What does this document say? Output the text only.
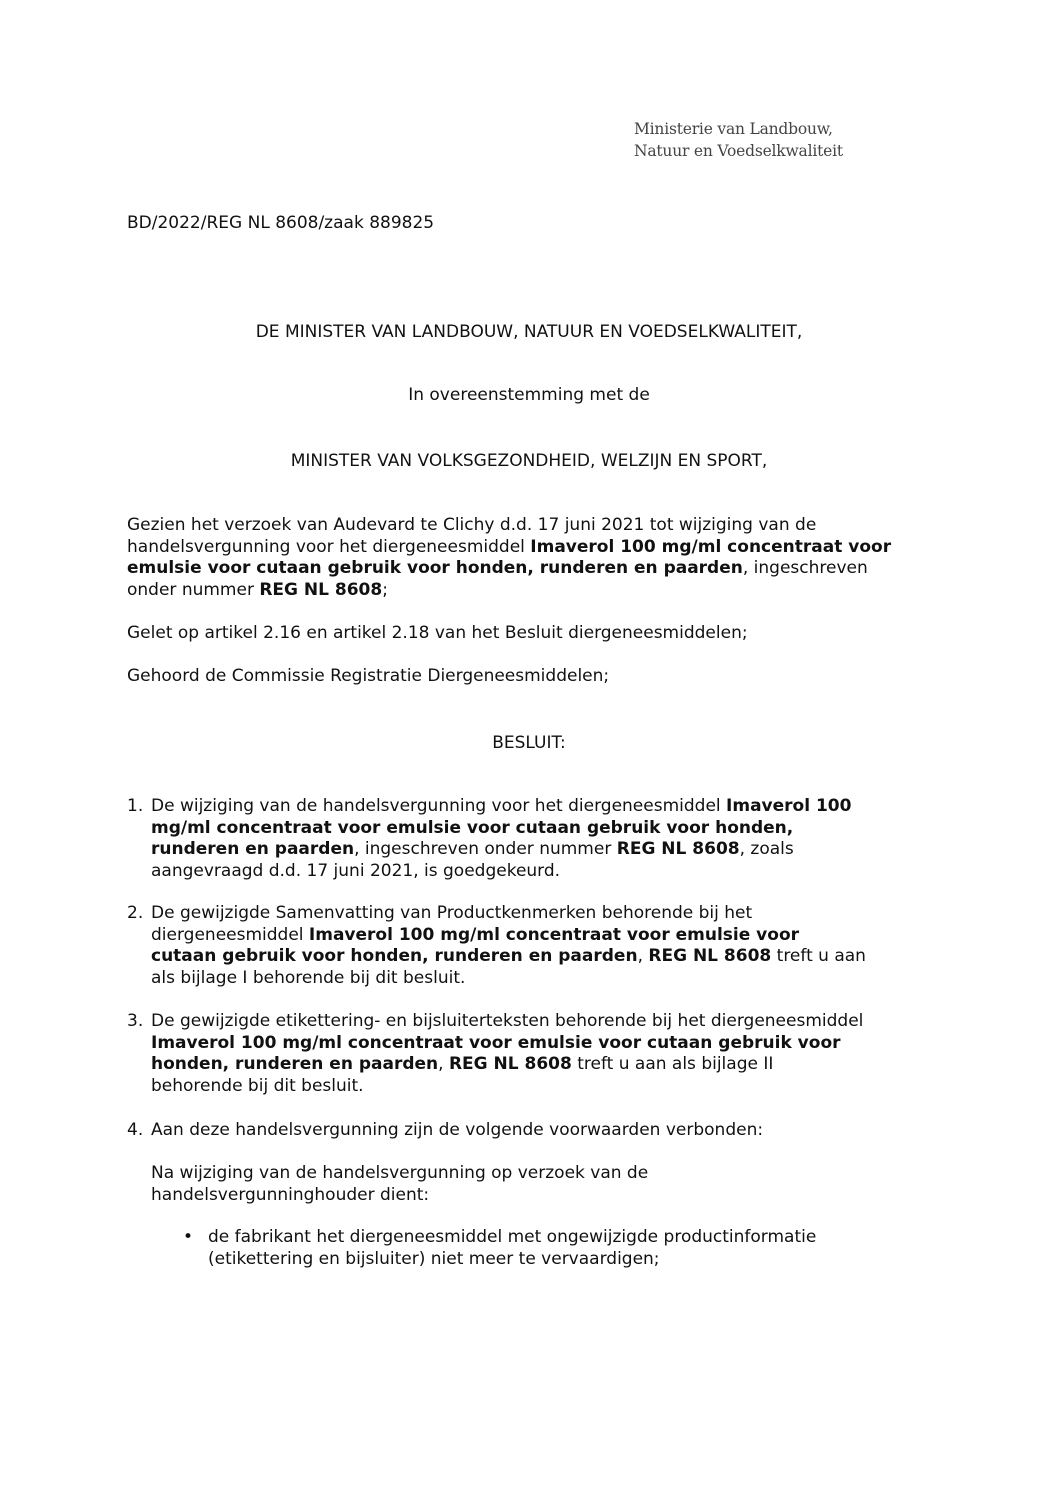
Ministerie van Landbouw,
Natuur en Voedselkwaliteit
BD/2022/REG NL 8608/zaak 889825
DE MINISTER VAN LANDBOUW, NATUUR EN VOEDSELKWALITEIT,
In overeenstemming met de
MINISTER VAN VOLKSGEZONDHEID, WELZIJN EN SPORT,
Gezien het verzoek van Audevard te Clichy d.d. 17 juni 2021 tot wijziging van de
handelsvergunning voor het diergeneesmiddel Imaverol 100 mg/ml concentraat voor
emulsie voor cutaan gebruik voor honden, runderen en paarden, ingeschreven
onder nummer REG NL 8608;
Gelet op artikel 2.16 en artikel 2.18 van het Besluit diergeneesmiddelen;
Gehoord de Commissie Registratie Diergeneesmiddelen;
BESLUIT:
1. De wijziging van de handelsvergunning voor het diergeneesmiddel Imaverol 100
mg/ml concentraat voor emulsie voor cutaan gebruik voor honden,
runderen en paarden, ingeschreven onder nummer REG NL 8608, zoals
aangevraagd d.d. 17 juni 2021, is goedgekeurd.
2. De gewijzigde Samenvatting van Productkenmerken behorende bij het
diergeneesmiddel Imaverol 100 mg/ml concentraat voor emulsie voor
cutaan gebruik voor honden, runderen en paarden, REG NL 8608 treft u aan
als bijlage I behorende bij dit besluit.
3. De gewijzigde etikettering- en bijsluiterteksten behorende bij het diergeneesmiddel
Imaverol 100 mg/ml concentraat voor emulsie voor cutaan gebruik voor
honden, runderen en paarden, REG NL 8608 treft u aan als bijlage II
behorende bij dit besluit.
4. Aan deze handelsvergunning zijn de volgende voorwaarden verbonden:
Na wijziging van de handelsvergunning op verzoek van de
handelsvergunninghouder dient:
• de fabrikant het diergeneesmiddel met ongewijzigde productinformatie
(etikettering en bijsluiter) niet meer te vervaardigen;
